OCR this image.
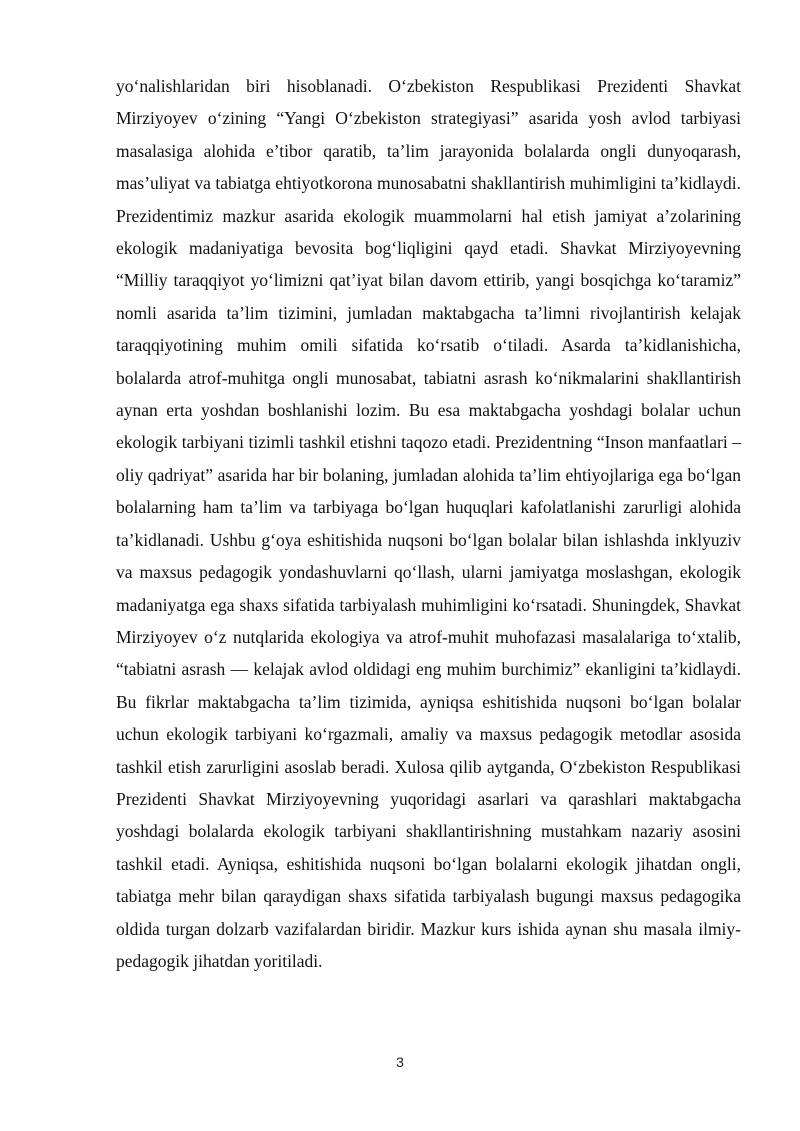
yo‘nalishlaridan biri hisoblanadi. O‘zbekiston Respublikasi Prezidenti Shavkat Mirziyoyev o‘zining “Yangi O‘zbekiston strategiyasi” asarida yosh avlod tarbiyasi masalasiga alohida e’tibor qaratib, ta’lim jarayonida bolalarda ongli dunyoqarash, mas’uliyat va tabiatga ehtiyotkorona munosabatni shakllantirish muhimligini ta’kidlaydi. Prezidentimiz mazkur asarida ekologik muammolarni hal etish jamiyat a’zolarining ekologik madaniyatiga bevosita bog‘liqligini qayd etadi. Shavkat Mirziyoyevning “Milliy taraqqiyot yo‘limizni qat’iyat bilan davom ettirib, yangi bosqichga ko‘taramiz” nomli asarida ta’lim tizimini, jumladan maktabgacha ta’limni rivojlantirish kelajak taraqqiyotining muhim omili sifatida ko‘rsatib o‘tiladi. Asarda ta’kidlanishicha, bolalarda atrof-muhitga ongli munosabat, tabiatni asrash ko‘nikmalarini shakllantirish aynan erta yoshdan boshlanishi lozim. Bu esa maktabgacha yoshdagi bolalar uchun ekologik tarbiyani tizimli tashkil etishni taqozo etadi. Prezidentning “Inson manfaatlari – oliy qadriyat” asarida har bir bolaning, jumladan alohida ta’lim ehtiyojlariga ega bo‘lgan bolalarning ham ta’lim va tarbiyaga bo‘lgan huquqlari kafolatlanishi zarurligi alohida ta’kidlanadi. Ushbu g‘oya eshitishida nuqsoni bo‘lgan bolalar bilan ishlashda inklyuziv va maxsus pedagogik yondashuvlarni qo‘llash, ularni jamiyatga moslashgan, ekologik madaniyatga ega shaxs sifatida tarbiyalash muhimligini ko‘rsatadi. Shuningdek, Shavkat Mirziyoyev o‘z nutqlarida ekologiya va atrof-muhit muhofazasi masalalariga to‘xtalib, “tabiatni asrash — kelajak avlod oldidagi eng muhim burchimiz” ekanligini ta’kidlaydi. Bu fikrlar maktabgacha ta’lim tizimida, ayniqsa eshitishida nuqsoni bo‘lgan bolalar uchun ekologik tarbiyani ko‘rgazmali, amaliy va maxsus pedagogik metodlar asosida tashkil etish zarurligini asoslab beradi. Xulosa qilib aytganda, O‘zbekiston Respublikasi Prezidenti Shavkat Mirziyoyevning yuqoridagi asarlari va qarashlari maktabgacha yoshdagi bolalarda ekologik tarbiyani shakllantirishning mustahkam nazariy asosini tashkil etadi. Ayniqsa, eshitishida nuqsoni bo‘lgan bolalarni ekologik jihatdan ongli, tabiatga mehr bilan qaraydigan shaxs sifatida tarbiyalash bugungi maxsus pedagogika oldida turgan dolzarb vazifalardan biridir. Mazkur kurs ishida aynan shu masala ilmiy-pedagogik jihatdan yoritiladi.

3
